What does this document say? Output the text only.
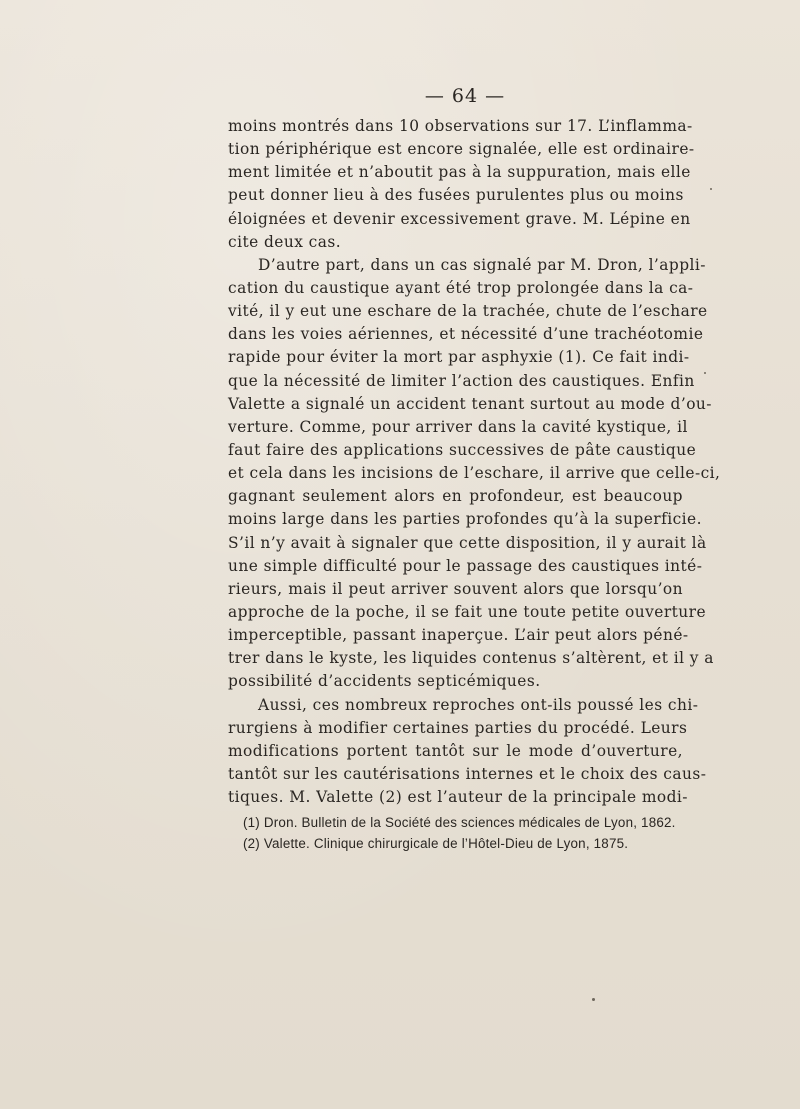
— 64 —
moins montrés dans 10 observations sur 17. L’inflamma-
tion périphérique est encore signalée, elle est ordinaire-
ment limitée et n’aboutit pas à la suppuration, mais elle
peut donner lieu à des fusées purulentes plus ou moins
éloignées et devenir excessivement grave. M. Lépine en
cite deux cas.
D’autre part, dans un cas signalé par M. Dron, l’appli-
cation du caustique ayant été trop prolongée dans la ca-
vité, il y eut une eschare de la trachée, chute de l’eschare
dans les voies aériennes, et nécessité d’une trachéotomie
rapide pour éviter la mort par asphyxie (1). Ce fait indi-
que la nécessité de limiter l’action des caustiques. Enfin
Valette a signalé un accident tenant surtout au mode d’ou-
verture. Comme, pour arriver dans la cavité kystique, il
faut faire des applications successives de pâte caustique
et cela dans les incisions de l’eschare, il arrive que celle-ci,
gagnant seulement alors en profondeur, est beaucoup
moins large dans les parties profondes qu’à la superficie.
S’il n’y avait à signaler que cette disposition, il y aurait là
une simple difficulté pour le passage des caustiques inté-
rieurs, mais il peut arriver souvent alors que lorsqu’on
approche de la poche, il se fait une toute petite ouverture
imperceptible, passant inaperçue. L’air peut alors péné-
trer dans le kyste, les liquides contenus s’altèrent, et il y a
possibilité d’accidents septicémiques.
Aussi, ces nombreux reproches ont-ils poussé les chi-
rurgiens à modifier certaines parties du procédé. Leurs
modifications portent tantôt sur le mode d’ouverture,
tantôt sur les cautérisations internes et le choix des caus-
tiques. M. Valette (2) est l’auteur de la principale modi-
(1) Dron. Bulletin de la Société des sciences médicales de Lyon, 1862.
(2) Valette. Clinique chirurgicale de l’Hôtel-Dieu de Lyon, 1875.
